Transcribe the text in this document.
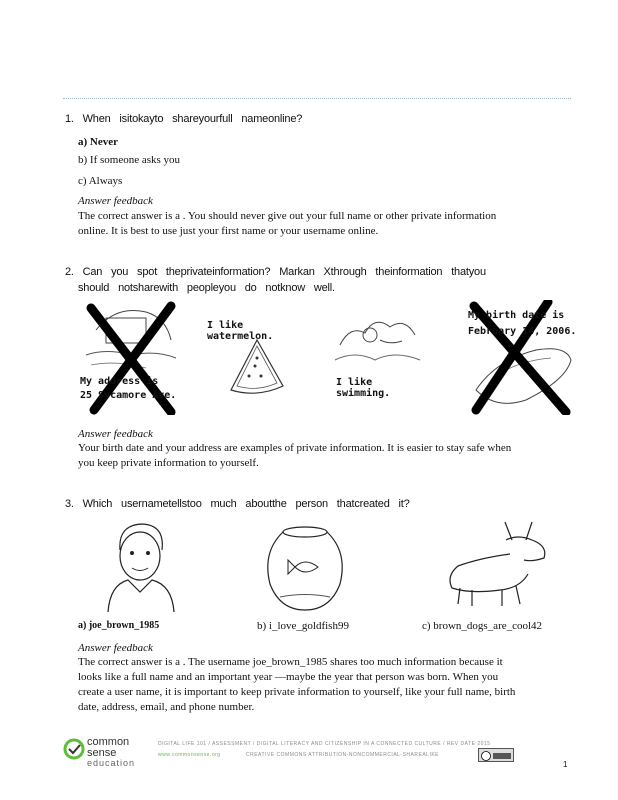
1. When isitokayto shareyourfull nameonline?
a) Never
b) If someone asks you
c) Always
Answer feedback
The correct answer is a . You should never give out your full name or other private information
online. It is best to use just your first name or your username online.
2. Can you spot theprivateinformation? Markan Xthrough theinformation thatyou
should notsharewith peopleyou do notknow well.
My address is
25 Sycamore Ave.
I like watermelon.
I like swimming.
My birth date is
February 14, 2006.
Answer feedback
Your birth date and your address are examples of private information. It is easier to stay safe when
you keep private information to yourself.
3. Which usernametellstoo much aboutthe person thatcreated it?
a) joe_brown_1985	b) i_love_goldfish99	c) brown_dogs_are_cool42
Answer feedback
The correct answer is a . The username joe_brown_1985 shares too much information because it
looks like a full name and an important year —maybe the year that person was born. When you
create a user name, it is important to keep private information to yourself, like your full name, birth
date, address, email, and phone number.
common
sense
education
DIGITAL LIFE 101 / ASSESSMENT / DIGITAL LITERACY AND CITIZENSHIP IN A CONNECTED CULTURE / REV DATE 2015
www.commonsense.org	CREATIVE COMMONS ATTRIBUTION-NONCOMMERCIAL-SHAREALIKE
1
